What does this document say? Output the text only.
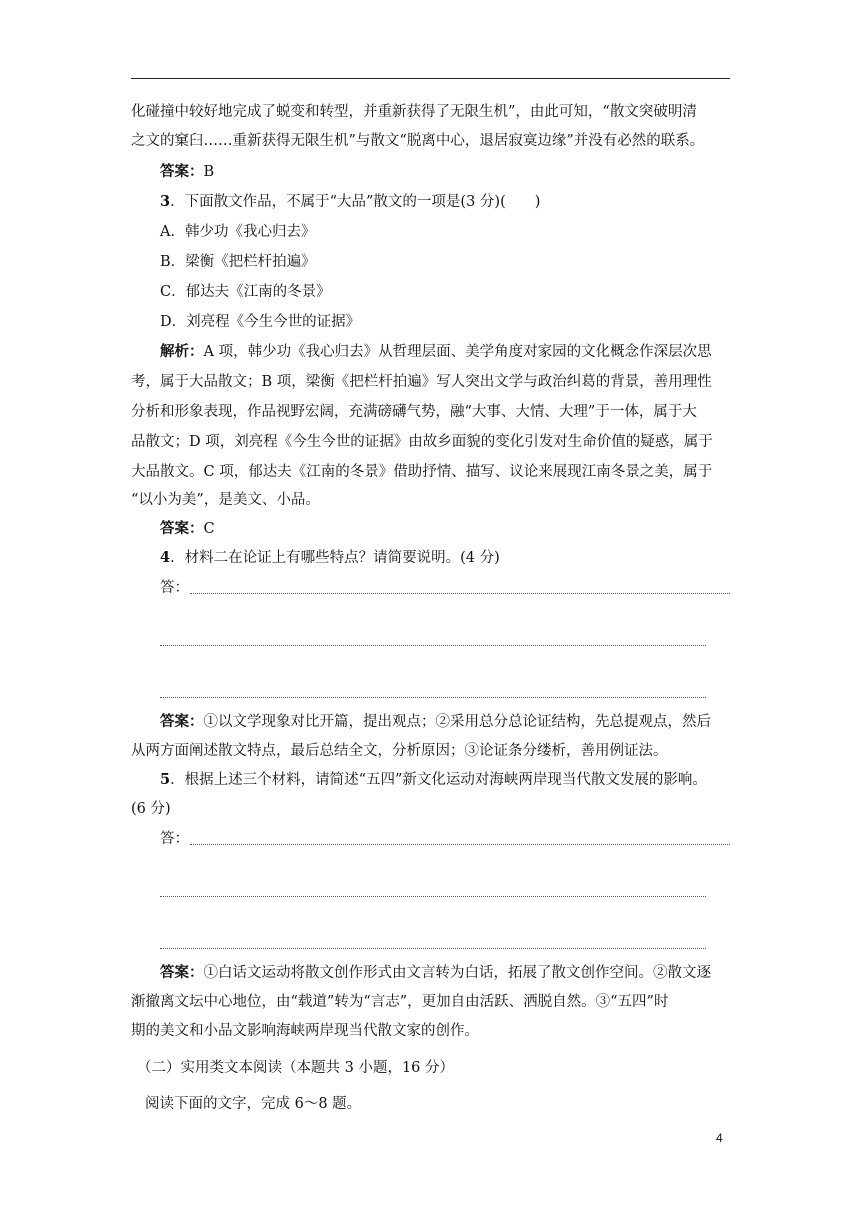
化碰撞中较好地完成了蜕变和转型，并重新获得了无限生机”，由此可知，“散文突破明清
之文的窠臼……重新获得无限生机”与散文“脱离中心，退居寂寞边缘”并没有必然的联系。
答案：B
3．下面散文作品，不属于“大品”散文的一项是(3 分)(　　)
A．韩少功《我心归去》
B．梁衡《把栏杆拍遍》
C．郁达夫《江南的冬景》
D．刘亮程《今生今世的证据》
解析：A 项，韩少功《我心归去》从哲理层面、美学角度对家园的文化概念作深层次思
考，属于大品散文；B 项，梁衡《把栏杆拍遍》写人突出文学与政治纠葛的背景，善用理性
分析和形象表现，作品视野宏阔，充满磅礴气势，融“大事、大情、大理”于一体，属于大
品散文；D 项，刘亮程《今生今世的证据》由故乡面貌的变化引发对生命价值的疑惑，属于
大品散文。C 项，郁达夫《江南的冬景》借助抒情、描写、议论来展现江南冬景之美，属于
“以小为美”，是美文、小品。
答案：C
4．材料二在论证上有哪些特点？请简要说明。(4 分)
答：
答案：①以文学现象对比开篇，提出观点；②采用总分总论证结构，先总提观点，然后
从两方面阐述散文特点，最后总结全文，分析原因；③论证条分缕析，善用例证法。
5．根据上述三个材料，请简述“五四”新文化运动对海峡两岸现当代散文发展的影响。
(6 分)
答：
答案：①白话文运动将散文创作形式由文言转为白话，拓展了散文创作空间。②散文逐
渐撤离文坛中心地位，由“载道”转为“言志”，更加自由活跃、洒脱自然。③“五四”时
期的美文和小品文影响海峡两岸现当代散文家的创作。
（二）实用类文本阅读（本题共 3 小题，16 分）
阅读下面的文字，完成 6～8 题。
4
